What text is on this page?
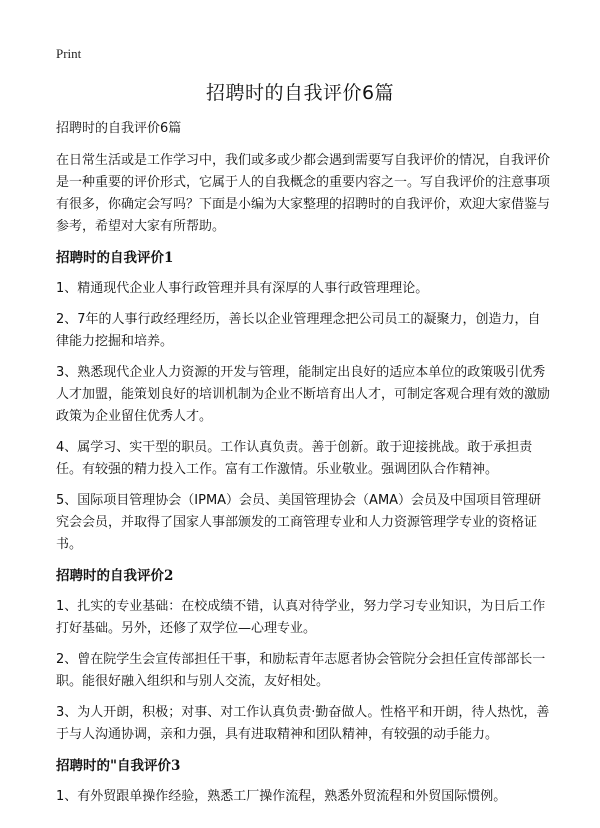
Print
招聘时的自我评价6篇

招聘时的自我评价6篇

在日常生活或是工作学习中，我们或多或少都会遇到需要写自我评价的情况，自我评价是一种重要的评价形式，它属于人的自我概念的重要内容之一。写自我评价的注意事项有很多，你确定会写吗？下面是小编为大家整理的招聘时的自我评价，欢迎大家借鉴与参考，希望对大家有所帮助。

招聘时的自我评价1

1、精通现代企业人事行政管理并具有深厚的人事行政管理理论。

2、7年的人事行政经理经历，善长以企业管理理念把公司员工的凝聚力，创造力，自律能力挖掘和培养。

3、熟悉现代企业人力资源的开发与管理，能制定出良好的适应本单位的政策吸引优秀人才加盟，能策划良好的培训机制为企业不断培育出人才，可制定客观合理有效的激励政策为企业留住优秀人才。

4、属学习、实干型的职员。工作认真负责。善于创新。敢于迎接挑战。敢于承担责任。有较强的精力投入工作。富有工作激情。乐业敬业。强调团队合作精神。

5、国际项目管理协会（IPMA）会员、美国管理协会（AMA）会员及中国项目管理研究会会员，并取得了国家人事部颁发的工商管理专业和人力资源管理学专业的资格证书。

招聘时的自我评价2

1、扎实的专业基础：在校成绩不错，认真对待学业，努力学习专业知识，为日后工作打好基础。另外，还修了双学位—心理专业。

2、曾在院学生会宣传部担任干事，和励耘青年志愿者协会管院分会担任宣传部部长一职。能很好融入组织和与别人交流，友好相处。

3、为人开朗，积极；对事、对工作认真负责·勤奋做人。性格平和开朗，待人热忱，善于与人沟通协调，亲和力强，具有进取精神和团队精神，有较强的动手能力。

招聘时的"自我评价3

1、有外贸跟单操作经验，熟悉工厂操作流程，熟悉外贸流程和外贸国际惯例。
